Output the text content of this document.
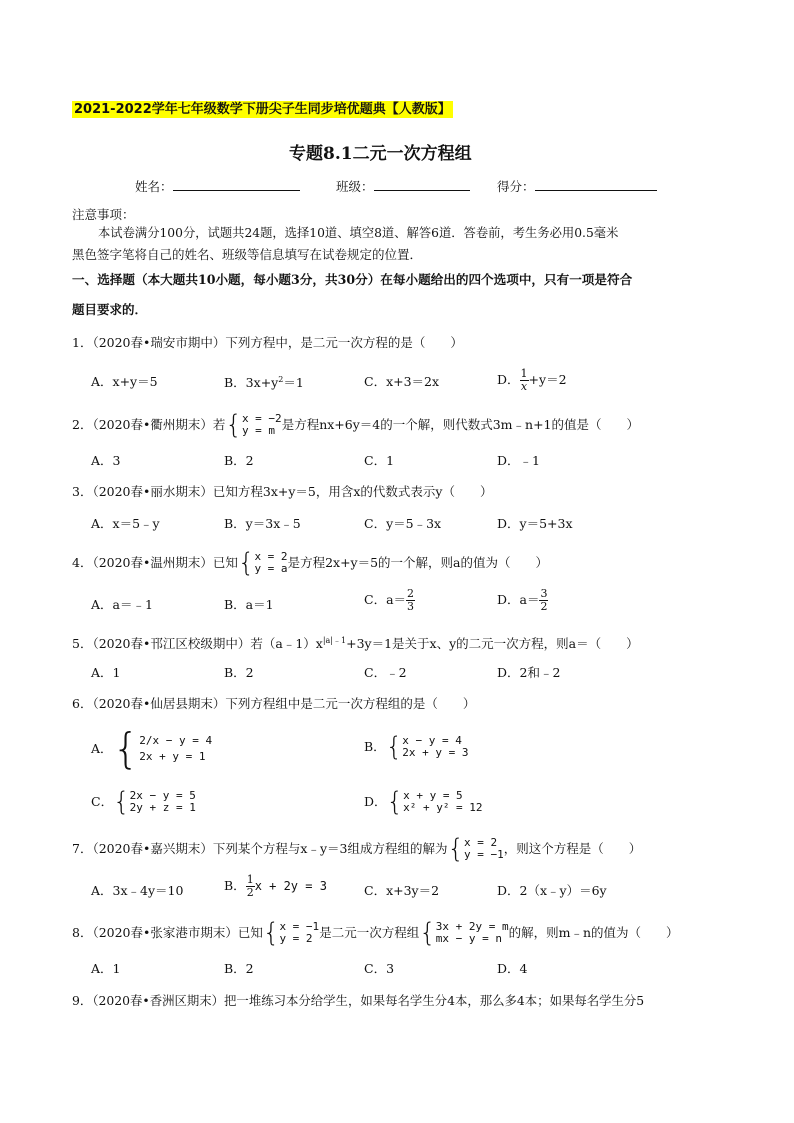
2021-2022学年七年级数学下册尖子生同步培优题典【人教版】
专题8.1二元一次方程组
姓名：	班级：	得分：
注意事项：
本试卷满分100分，试题共24题，选择10道、填空8道、解答6道．答卷前，考生务必用0.5毫米
黑色签字笔将自己的姓名、班级等信息填写在试卷规定的位置．
一、选择题（本大题共10小题，每小题3分，共30分）在每小题给出的四个选项中，只有一项是符合
题目要求的．
1．（2020春•瑞安市期中）下列方程中，是二元一次方程的是（　　）
A．x+y＝5	B．$3x+y^2=1$	C．x+3＝2x	D． $\frac{1}{x} +y=2$
2．（2020春•衢州期末）若 { x = −2
y = m 是方程nx+6y＝4的一个解，则代数式3m﹣n+1的值是（　　）
A．3	B．2	C．1	D．﹣1
3．（2020春•丽水期末）已知方程3x+y＝5，用含x的代数式表示y（　　）
A．x＝5﹣y	B．y＝3x﹣5	C．y＝5﹣3x	D．y＝5+3x
4．（2020春•温州期末）已知 { x = 2
y = a 是方程2x+y＝5的一个解，则a的值为（　　）
A．a＝﹣1	B．a＝1	C．$a= \frac{2}{3}$	D．$a= \frac{3}{2}$
5．（2020春•邗江区校级期中）若$(a﹣1)x^{|a|﹣1}+3y=1$是关于x、y的二元一次方程，则a＝（　　）
A．1	B．2	C．﹣2	D．2和﹣2
6．（2020春•仙居县期末）下列方程组中是二元一次方程组的是（　　）
A． { 2/x − y = 4
2x + y = 1
B． { x − y = 4
2x + y = 3
C． { 2x − y = 5
2y + z = 1	D． { x + y = 5
x² + y² = 12
7．（2020春•嘉兴期末）下列某个方程与x﹣y＝3组成方程组的解为 { x = 2
y = −1 ，则这个方程是（　　）
A．3x﹣4y＝10	B． $\frac{1}{2}$ x + 2y = 3	C．x+3y＝2	D．2（x﹣y）＝6y
8．（2020春•张家港市期末）已知 { x = −1
y = 2 是二元一次方程组 { 3x + 2y = m
mx − y = n 的解，则m﹣n的值为（　　）
A．1	B．2	C．3	D．4
9．（2020春•香洲区期末）把一堆练习本分给学生，如果每名学生分4本，那么多4本；如果每名学生分5
